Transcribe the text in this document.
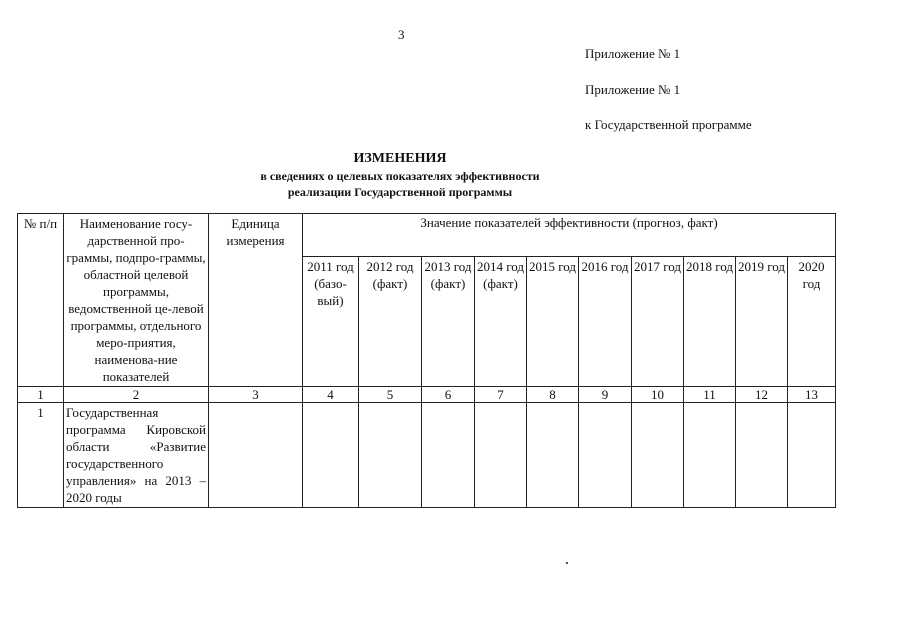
3
Приложение № 1
Приложение № 1
к Государственной программе
ИЗМЕНЕНИЯ
в сведениях о целевых показателях эффективности
реализации Государственной программы
№ п/п	Наименование госу-дарственной про-граммы, подпро-граммы, областной целевой программы, ведомственной це-левой программы, отдельного меро-приятия, наименова-ние показателей	Единица измерения	Значение показателей эффективности (прогноз, факт)									
			2011 год (базо-вый)	2012 год (факт)	2013 год (факт)	2014 год (факт)	2015 год	2016 год	2017 год	2018 год	2019 год	2020 год
1	2	3	4	5	6	7	8	9	10	11	12	13
1	Государственная программа Кировской области «Развитие государственного управления» на 2013 – 2020 годы											
